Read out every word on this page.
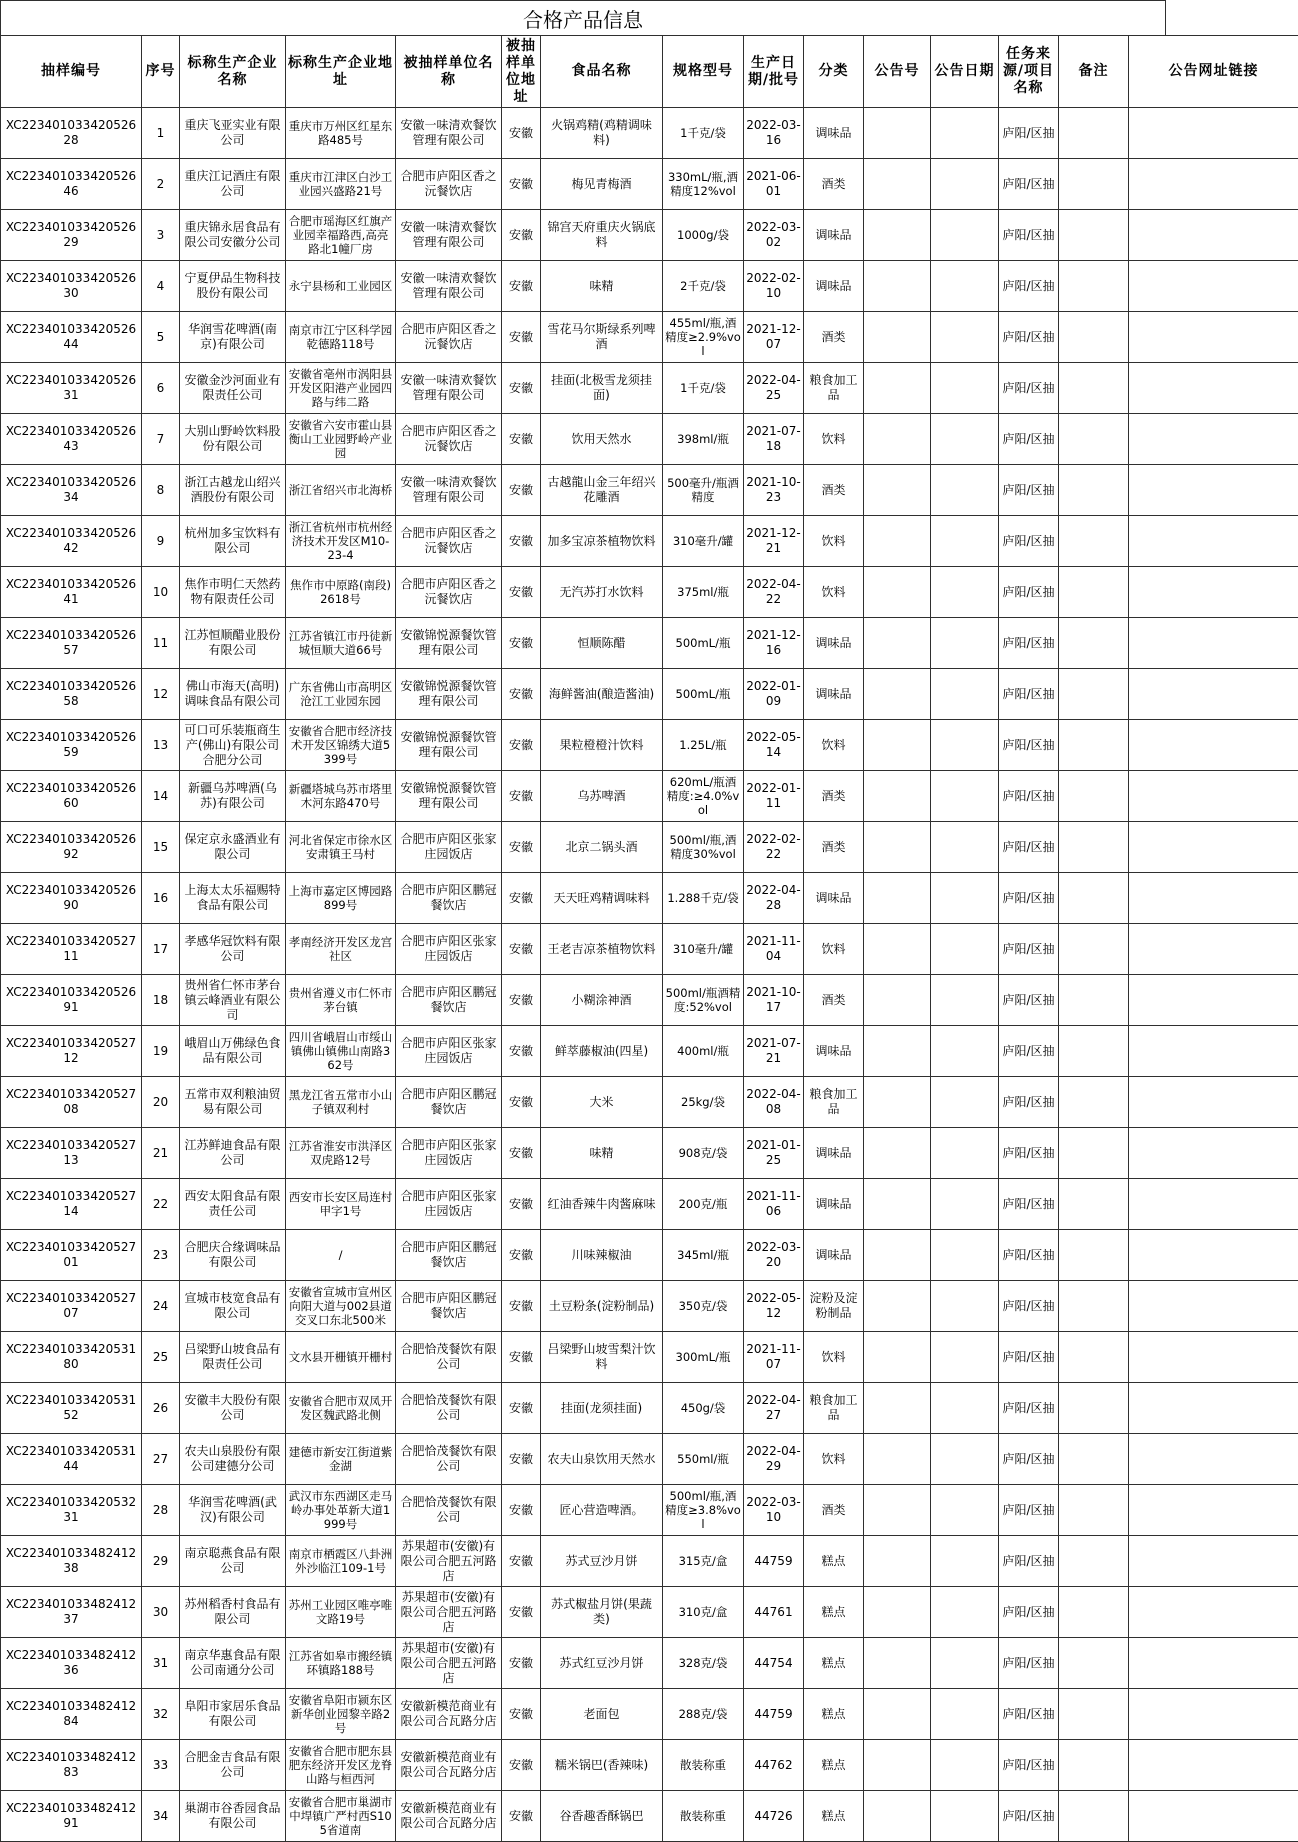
合格产品信息
抽样编号	序号	标称生产企业名称	标称生产企业地址	被抽样单位名称	被抽样单位地址	食品名称	规格型号	生产日期/批号	分类	公告号	公告日期	任务来源/项目名称	备注	公告网址链接

XC22340103342052628	1	重庆飞亚实业有限公司	重庆市万州区红星东路485号	安徽一味清欢餐饮管理有限公司	安徽	火锅鸡精(鸡精调味料)	1千克/袋	2022-03-16	调味品			庐阳/区抽		

XC22340103342052646	2	重庆江记酒庄有限公司	重庆市江津区白沙工业园兴盛路21号	合肥市庐阳区香之沅餐饮店	安徽	梅见青梅酒	330mL/瓶,酒精度12%vol	2021-06-01	酒类			庐阳/区抽		

XC22340103342052629	3	重庆锦永居食品有限公司安徽分公司	合肥市瑶海区红旗产业园幸福路西,高亮路北1幢厂房	安徽一味清欢餐饮管理有限公司	安徽	锦宫天府重庆火锅底料	1000g/袋	2022-03-02	调味品			庐阳/区抽		

XC22340103342052630	4	宁夏伊品生物科技股份有限公司	永宁县杨和工业园区	安徽一味清欢餐饮管理有限公司	安徽	味精	2千克/袋	2022-02-10	调味品			庐阳/区抽		

XC22340103342052644	5	华润雪花啤酒(南京)有限公司	南京市江宁区科学园乾德路118号	合肥市庐阳区香之沅餐饮店	安徽	雪花马尔斯绿系列啤酒	455ml/瓶,酒精度≥2.9%vol	2021-12-07	酒类			庐阳/区抽		

XC22340103342052631	6	安徽金沙河面业有限责任公司	安徽省亳州市涡阳县开发区阳港产业园四路与纬二路	安徽一味清欢餐饮管理有限公司	安徽	挂面(北极雪龙须挂面)	1千克/袋	2022-04-25	粮食加工品			庐阳/区抽		

XC22340103342052643	7	大别山野岭饮料股份有限公司	安徽省六安市霍山县衡山工业园野岭产业园	合肥市庐阳区香之沅餐饮店	安徽	饮用天然水	398ml/瓶	2021-07-18	饮料			庐阳/区抽		

XC22340103342052634	8	浙江古越龙山绍兴酒股份有限公司	浙江省绍兴市北海桥	安徽一味清欢餐饮管理有限公司	安徽	古越龍山金三年绍兴花雕酒	500毫升/瓶酒精度	2021-10-23	酒类			庐阳/区抽		

XC22340103342052642	9	杭州加多宝饮料有限公司	浙江省杭州市杭州经济技术开发区M10-23-4	合肥市庐阳区香之沅餐饮店	安徽	加多宝凉茶植物饮料	310毫升/罐	2021-12-21	饮料			庐阳/区抽		

XC22340103342052641	10	焦作市明仁天然药物有限责任公司	焦作市中原路(南段)2618号	合肥市庐阳区香之沅餐饮店	安徽	无汽苏打水饮料	375ml/瓶	2022-04-22	饮料			庐阳/区抽		

XC22340103342052657	11	江苏恒顺醋业股份有限公司	江苏省镇江市丹徒新城恒顺大道66号	安徽锦悦源餐饮管理有限公司	安徽	恒顺陈醋	500mL/瓶	2021-12-16	调味品			庐阳/区抽		

XC22340103342052658	12	佛山市海天(高明)调味食品有限公司	广东省佛山市高明区沧江工业园东园	安徽锦悦源餐饮管理有限公司	安徽	海鲜酱油(酿造酱油)	500mL/瓶	2022-01-09	调味品			庐阳/区抽		

XC22340103342052659	13	可口可乐装瓶商生产(佛山)有限公司合肥分公司	安徽省合肥市经济技术开发区锦绣大道5399号	安徽锦悦源餐饮管理有限公司	安徽	果粒橙橙汁饮料	1.25L/瓶	2022-05-14	饮料			庐阳/区抽		

XC22340103342052660	14	新疆乌苏啤酒(乌苏)有限公司	新疆塔城乌苏市塔里木河东路470号	安徽锦悦源餐饮管理有限公司	安徽	乌苏啤酒	620mL/瓶酒精度:≥4.0%vol	2022-01-11	酒类			庐阳/区抽		

XC22340103342052692	15	保定京永盛酒业有限公司	河北省保定市徐水区安肃镇王马村	合肥市庐阳区张家庄园饭店	安徽	北京二锅头酒	500ml/瓶,酒精度30%vol	2022-02-22	酒类			庐阳/区抽		

XC22340103342052690	16	上海太太乐福赐特食品有限公司	上海市嘉定区博园路899号	合肥市庐阳区鹏冠餐饮店	安徽	天天旺鸡精调味料	1.288千克/袋	2022-04-28	调味品			庐阳/区抽		

XC22340103342052711	17	孝感华冠饮料有限公司	孝南经济开发区龙宫社区	合肥市庐阳区张家庄园饭店	安徽	王老吉凉茶植物饮料	310毫升/罐	2021-11-04	饮料			庐阳/区抽		

XC22340103342052691	18	贵州省仁怀市茅台镇云峰酒业有限公司	贵州省遵义市仁怀市茅台镇	合肥市庐阳区鹏冠餐饮店	安徽	小糊涂神酒	500ml/瓶酒精度:52%vol	2021-10-17	酒类			庐阳/区抽		

XC22340103342052712	19	峨眉山万佛绿色食品有限公司	四川省峨眉山市绥山镇佛山镇佛山南路362号	合肥市庐阳区张家庄园饭店	安徽	鲜萃藤椒油(四星)	400ml/瓶	2021-07-21	调味品			庐阳/区抽		

XC22340103342052708	20	五常市双利粮油贸易有限公司	黑龙江省五常市小山子镇双利村	合肥市庐阳区鹏冠餐饮店	安徽	大米	25kg/袋	2022-04-08	粮食加工品			庐阳/区抽		

XC22340103342052713	21	江苏鲜迪食品有限公司	江苏省淮安市洪泽区双虎路12号	合肥市庐阳区张家庄园饭店	安徽	味精	908克/袋	2021-01-25	调味品			庐阳/区抽		

XC22340103342052714	22	西安太阳食品有限责任公司	西安市长安区局连村甲字1号	合肥市庐阳区张家庄园饭店	安徽	红油香辣牛肉酱麻味	200克/瓶	2021-11-06	调味品			庐阳/区抽		

XC22340103342052701	23	合肥庆合缘调味品有限公司	/	合肥市庐阳区鹏冠餐饮店	安徽	川味辣椒油	345ml/瓶	2022-03-20	调味品			庐阳/区抽		

XC22340103342052707	24	宣城市枝宽食品有限公司	安徽省宣城市宣州区向阳大道与002县道交叉口东北500米	合肥市庐阳区鹏冠餐饮店	安徽	土豆粉条(淀粉制品)	350克/袋	2022-05-12	淀粉及淀粉制品			庐阳/区抽		

XC22340103342053180	25	吕梁野山坡食品有限责任公司	文水县开栅镇开栅村	合肥恰茂餐饮有限公司	安徽	吕梁野山坡雪梨汁饮料	300mL/瓶	2021-11-07	饮料			庐阳/区抽		

XC22340103342053152	26	安徽丰大股份有限公司	安徽省合肥市双凤开发区魏武路北侧	合肥恰茂餐饮有限公司	安徽	挂面(龙须挂面)	450g/袋	2022-04-27	粮食加工品			庐阳/区抽		

XC22340103342053144	27	农夫山泉股份有限公司建德分公司	建德市新安江街道紫金湖	合肥恰茂餐饮有限公司	安徽	农夫山泉饮用天然水	550ml/瓶	2022-04-29	饮料			庐阳/区抽		

XC22340103342053231	28	华润雪花啤酒(武汉)有限公司	武汉市东西湖区走马岭办事处革新大道1999号	合肥恰茂餐饮有限公司	安徽	匠心营造啤酒。	500ml/瓶,酒精度≥3.8%vol	2022-03-10	酒类			庐阳/区抽		

XC22340103348241238	29	南京聪燕食品有限公司	南京市栖霞区八卦洲外沙临江109-1号	苏果超市(安徽)有限公司合肥五河路店	安徽	苏式豆沙月饼	315克/盒	44759	糕点			庐阳/区抽		

XC22340103348241237	30	苏州稻香村食品有限公司	苏州工业园区唯亭唯文路19号	苏果超市(安徽)有限公司合肥五河路店	安徽	苏式椒盐月饼(果蔬类)	310克/盒	44761	糕点			庐阳/区抽		

XC22340103348241236	31	南京华惠食品有限公司南通分公司	江苏省如皋市搬经镇环镇路188号	苏果超市(安徽)有限公司合肥五河路店	安徽	苏式红豆沙月饼	328克/袋	44754	糕点			庐阳/区抽		

XC22340103348241284	32	阜阳市家居乐食品有限公司	安徽省阜阳市颍东区新华创业园黎辛路2号	安徽新模范商业有限公司合瓦路分店	安徽	老面包	288克/袋	44759	糕点			庐阳/区抽		

XC22340103348241283	33	合肥金吉食品有限公司	安徽省合肥市肥东县肥东经济开发区龙脊山路与桓西河	安徽新模范商业有限公司合瓦路分店	安徽	糯米锅巴(香辣味)	散装称重	44762	糕点			庐阳/区抽		

XC22340103348241291	34	巢湖市谷香园食品有限公司	安徽省合肥市巢湖市中垾镇广严村西S105省道南	安徽新模范商业有限公司合瓦路分店	安徽	谷香趣香酥锅巴	散装称重	44726	糕点			庐阳/区抽		
